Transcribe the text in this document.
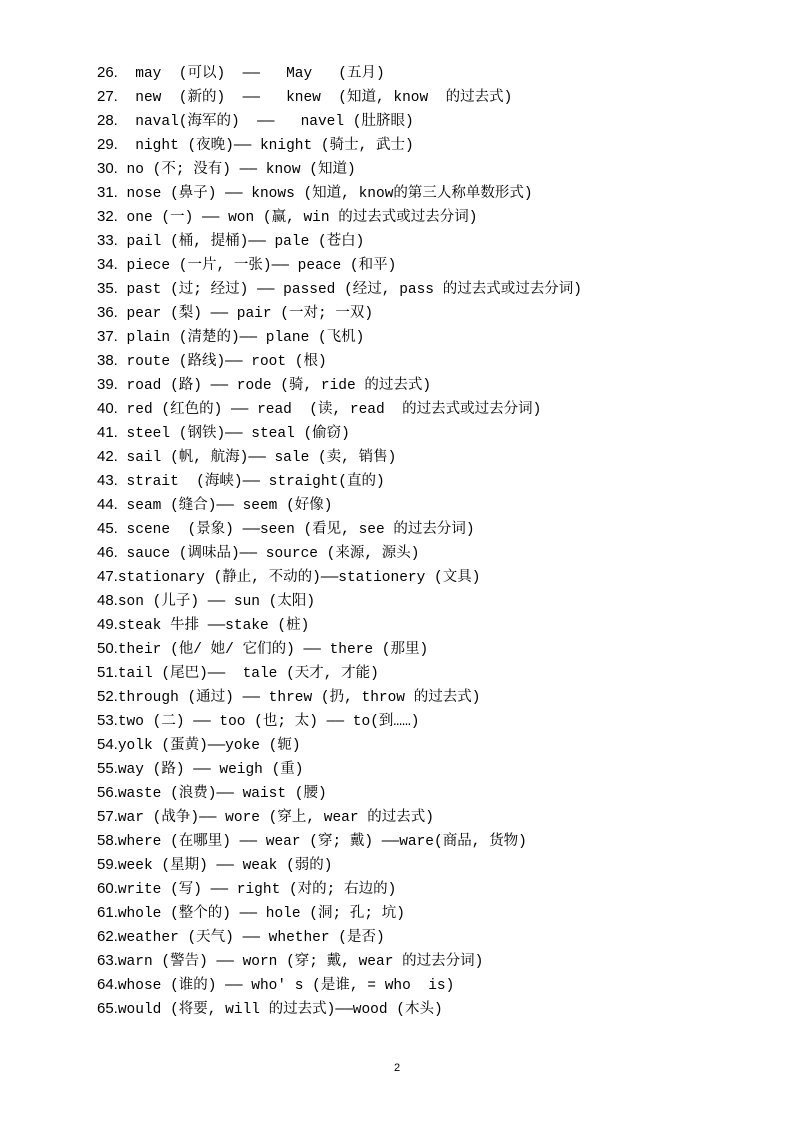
26.  may  (可以)  ——   May   (五月)
27.  new  (新的)  ——   knew  (知道, know  的过去式)
28.  naval(海军的)  ——   navel (肚脐眼)
29.  night (夜晚)—— knight (骑士, 武士)
30. no (不; 没有) —— know (知道)
31. nose (鼻子) —— knows (知道, know的第三人称单数形式)
32. one (一) —— won (赢, win 的过去式或过去分词)
33. pail (桶, 提桶)—— pale (苍白)
34. piece (一片, 一张)—— peace (和平)
35. past (过; 经过) —— passed (经过, pass 的过去式或过去分词)
36. pear (梨) —— pair (一对; 一双)
37. plain (清楚的)—— plane (飞机)
38. route (路线)—— root (根)
39. road (路) —— rode (骑, ride 的过去式)
40. red (红色的) —— read  (读, read  的过去式或过去分词)
41. steel (钢铁)—— steal (偷窃)
42. sail (帆, 航海)—— sale (卖, 销售)
43. strait  (海峡)—— straight(直的)
44. seam (缝合)—— seem (好像)
45. scene  (景象) ——seen (看见, see 的过去分词)
46. sauce (调味品)—— source (来源, 源头)
47.stationary (静止, 不动的)——stationery (文具)
48.son (儿子) —— sun (太阳)
49.steak 牛排 ——stake (桩)
50.their (他/ 她/ 它们的) —— there (那里)
51.tail (尾巴)——  tale (天才, 才能)
52.through (通过) —— threw (扔, throw 的过去式)
53.two (二) —— too (也; 太) —— to(到……)
54.yolk (蛋黄)——yoke (轭)
55.way (路) —— weigh (重)
56.waste (浪费)—— waist (腰)
57.war (战争)—— wore (穿上, wear 的过去式)
58.where (在哪里) —— wear (穿; 戴) ——ware(商品, 货物)
59.week (星期) —— weak (弱的)
60.write (写) —— right (对的; 右边的)
61.whole (整个的) —— hole (洞; 孔; 坑)
62.weather (天气) —— whether (是否)
63.warn (警告) —— worn (穿; 戴, wear 的过去分词)
64.whose (谁的) —— who' s (是谁, = who  is)
65.would (将要, will 的过去式)——wood (木头)
2
